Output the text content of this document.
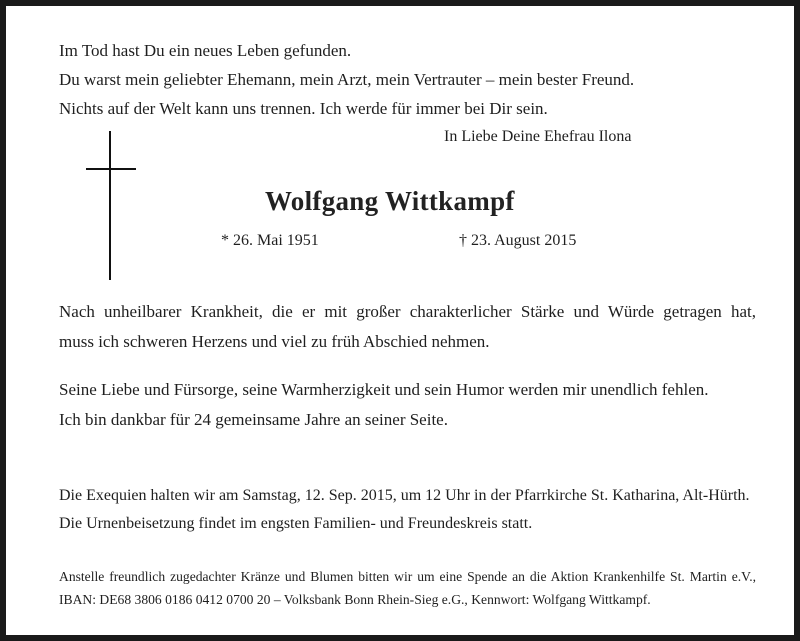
Im Tod hast Du ein neues Leben gefunden.

Du warst mein geliebter Ehemann, mein Arzt, mein Vertrauter – mein bester Freund.

Nichts auf der Welt kann uns trennen. Ich werde für immer bei Dir sein.

In Liebe Deine Ehefrau Ilona

Wolfgang Wittkampf

* 26. Mai 1951	† 23. August 2015

Nach unheilbarer Krankheit, die er mit großer charakterlicher Stärke und Würde getragen hat,

muss ich schweren Herzens und viel zu früh Abschied nehmen.

Seine Liebe und Fürsorge, seine Warmherzigkeit und sein Humor werden mir unendlich fehlen.

Ich bin dankbar für 24 gemeinsame Jahre an seiner Seite.

Die Exequien halten wir am Samstag, 12. Sep. 2015, um 12 Uhr in der Pfarrkirche St. Katharina, Alt-Hürth.

Die Urnenbeisetzung findet im engsten Familien- und Freundeskreis statt.

Anstelle freundlich zugedachter Kränze und Blumen bitten wir um eine Spende an die Aktion Krankenhilfe St. Martin e.V.,

IBAN: DE68 3806 0186 0412 0700 20 – Volksbank Bonn Rhein-Sieg e.G., Kennwort: Wolfgang Wittkampf.
